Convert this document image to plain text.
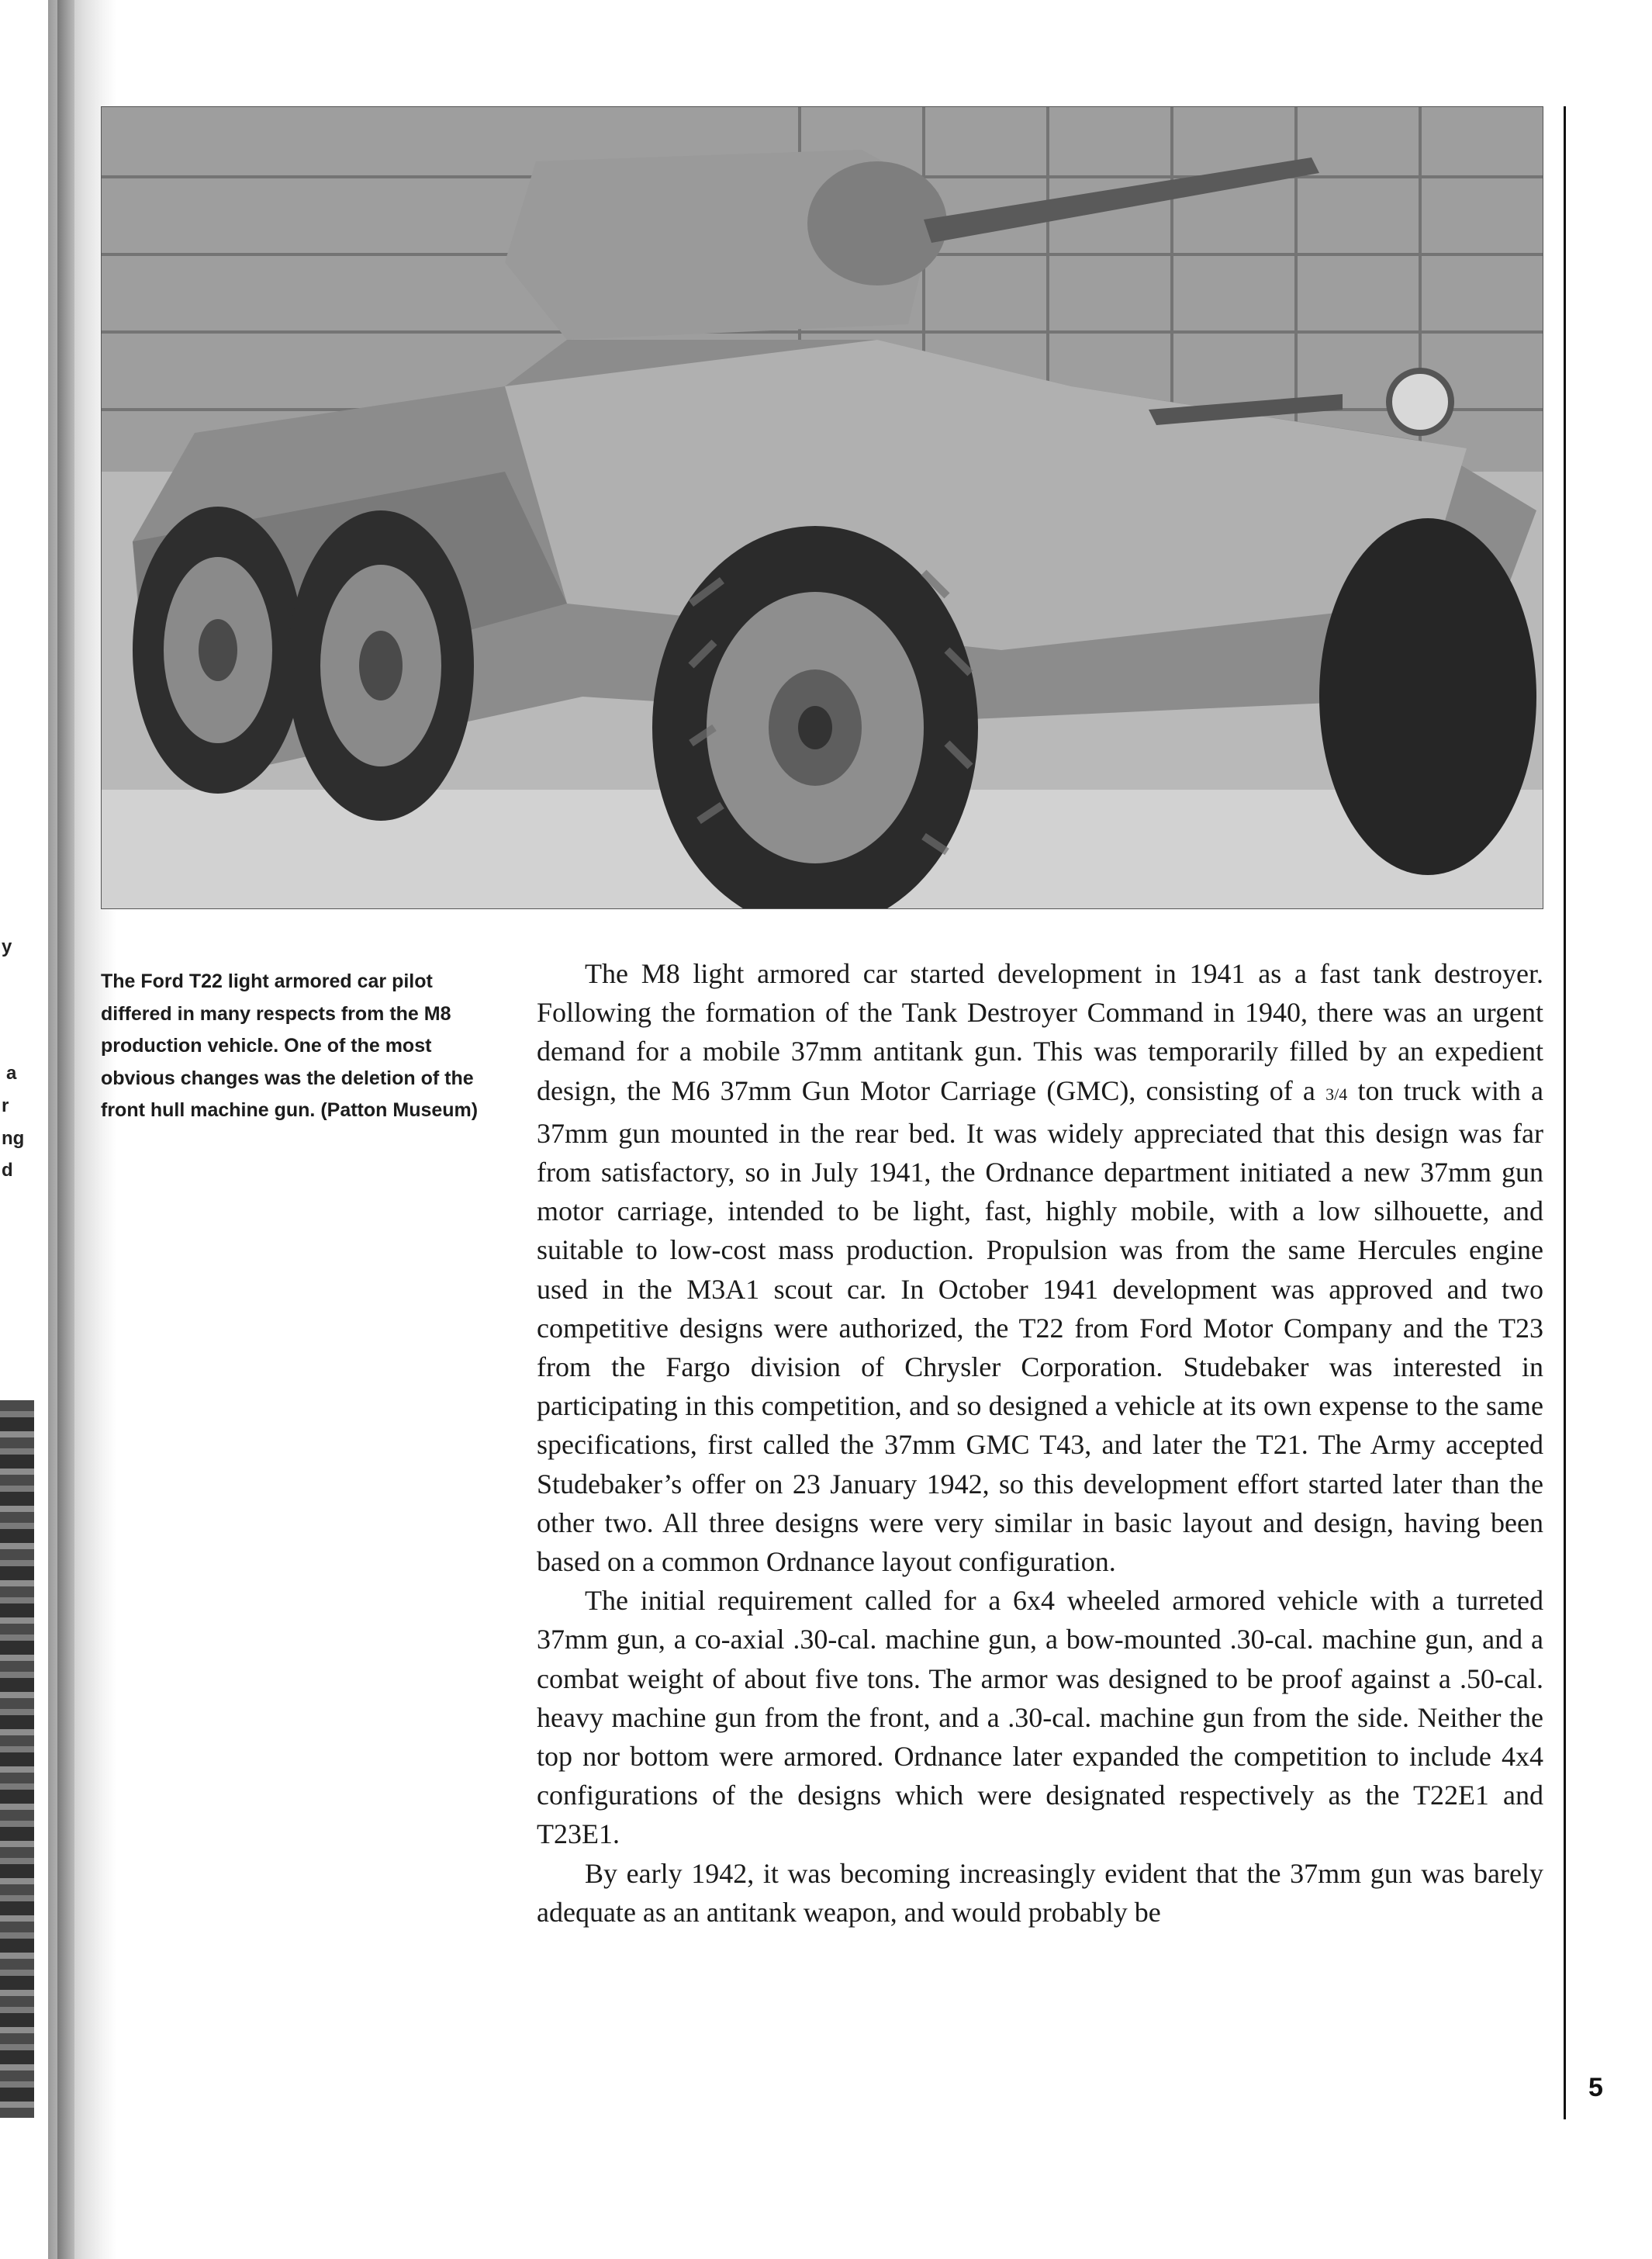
y
a
r
ng
d
5
The Ford T22 light armored car pilot differed in many respects from the M8 production vehicle. One of the most obvious changes was the deletion of the front hull machine gun. (Patton Museum)

The M8 light armored car started development in 1941 as a fast tank destroyer. Following the formation of the Tank Destroyer Command in 1940, there was an urgent demand for a mobile 37mm antitank gun. This was temporarily filled by an expedient design, the M6 37mm Gun Motor Carriage (GMC), consisting of a 3/4 ton truck with a 37mm gun mounted in the rear bed. It was widely appreciated that this design was far from satisfactory, so in July 1941, the Ordnance department initiated a new 37mm gun motor carriage, intended to be light, fast, highly mobile, with a low silhouette, and suitable to low-cost mass production. Propulsion was from the same Hercules engine used in the M3A1 scout car. In October 1941 development was approved and two competitive designs were authorized, the T22 from Ford Motor Company and the T23 from the Fargo division of Chrysler Corporation. Studebaker was interested in participating in this competition, and so designed a vehicle at its own expense to the same specifications, first called the 37mm GMC T43, and later the T21. The Army accepted Studebaker’s offer on 23 January 1942, so this development effort started later than the other two. All three designs were very similar in basic layout and design, having been based on a common Ordnance layout configuration.

The initial requirement called for a 6x4 wheeled armored vehicle with a turreted 37mm gun, a co-axial .30-cal. machine gun, a bow-mounted .30-cal. machine gun, and a combat weight of about five tons. The armor was designed to be proof against a .50-cal. heavy machine gun from the front, and a .30-cal. machine gun from the side. Neither the top nor bottom were armored. Ordnance later expanded the competition to include 4x4 configurations of the designs which were designated respectively as the T22E1 and T23E1.

By early 1942, it was becoming increasingly evident that the 37mm gun was barely adequate as an antitank weapon, and would probably be
